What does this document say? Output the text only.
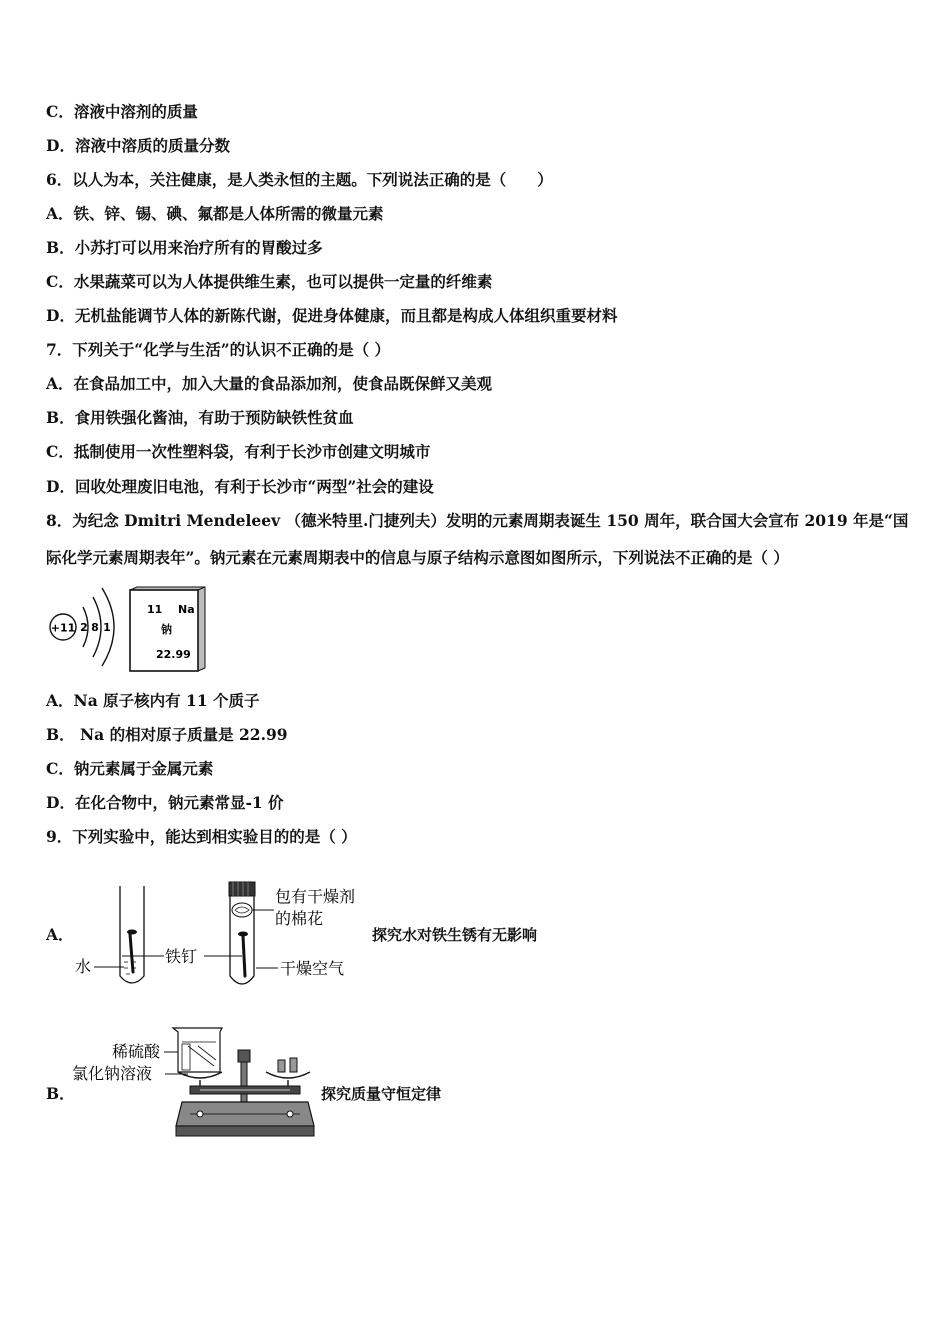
C．溶液中溶剂的质量
D．溶液中溶质的质量分数
6．以人为本，关注健康，是人类永恒的主题。下列说法正确的是（　　）
A．铁、锌、锡、碘、氟都是人体所需的微量元素
B．小苏打可以用来治疗所有的胃酸过多
C．水果蔬菜可以为人体提供维生素，也可以提供一定量的纤维素
D．无机盐能调节人体的新陈代谢，促进身体健康，而且都是构成人体组织重要材料
7．下列关于“化学与生活”的认识不正确的是（ ）
A．在食品加工中，加入大量的食品添加剂，使食品既保鲜又美观
B．食用铁强化酱油，有助于预防缺铁性贫血
C．抵制使用一次性塑料袋，有利于长沙市创建文明城市
D．回收处理废旧电池，有利于长沙市“两型”社会的建设
8．为纪念 Dmitri Mendeleev （德米特里.门捷列夫）发明的元素周期表诞生 150 周年，联合国大会宣布 2019 年是“国
际化学元素周期表年”。钠元素在元素周期表中的信息与原子结构示意图如图所示，下列说法不正确的是（ ）
+11 2 8 1
11 Na
钠
22.99
A．Na 原子核内有 11 个质子
B． Na 的相对原子质量是 22.99
C．钠元素属于金属元素
D．在化合物中，钠元素常显-1 价
9．下列实验中，能达到相实验目的的是（ ）
A．
水
铁钉
包有干燥剂
的棉花
干燥空气
探究水对铁生锈有无影响
B．
稀硫酸
氯化钠溶液
探究质量守恒定律
